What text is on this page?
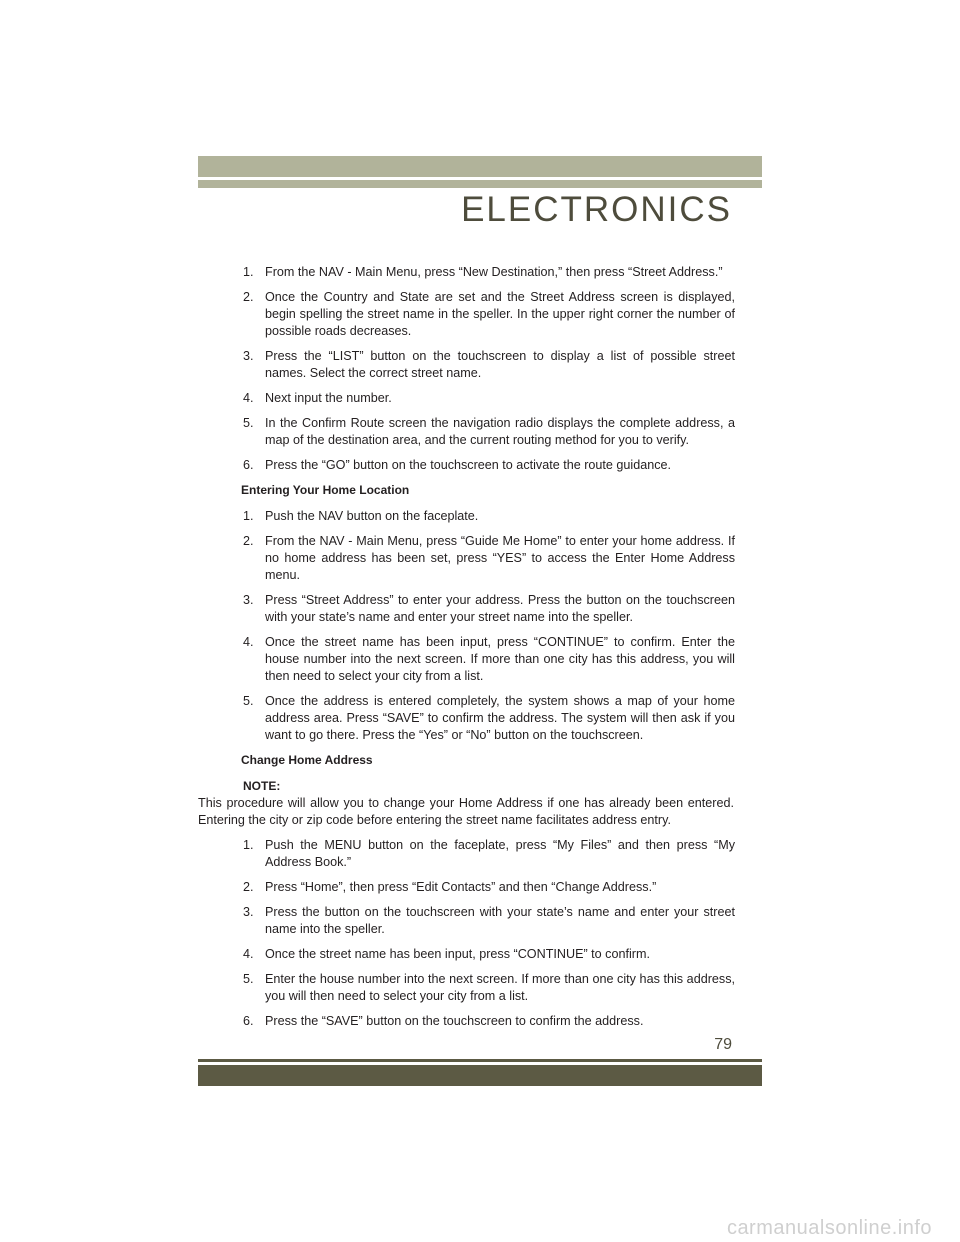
ELECTRONICS
1. From the NAV - Main Menu, press “New Destination,” then press “Street Address.”
2. Once the Country and State are set and the Street Address screen is displayed, begin spelling the street name in the speller. In the upper right corner the number of possible roads decreases.
3. Press the “LIST” button on the touchscreen to display a list of possible street names. Select the correct street name.
4. Next input the number.
5. In the Confirm Route screen the navigation radio displays the complete address, a map of the destination area, and the current routing method for you to verify.
6. Press the “GO” button on the touchscreen to activate the route guidance.
Entering Your Home Location
1. Push the NAV button on the faceplate.
2. From the NAV - Main Menu, press “Guide Me Home” to enter your home address. If no home address has been set, press “YES” to access the Enter Home Address menu.
3. Press “Street Address” to enter your address. Press the button on the touchscreen with your state’s name and enter your street name into the speller.
4. Once the street name has been input, press “CONTINUE” to confirm. Enter the house number into the next screen. If more than one city has this address, you will then need to select your city from a list.
5. Once the address is entered completely, the system shows a map of your home address area. Press “SAVE” to confirm the address. The system will then ask if you want to go there. Press the “Yes” or “No” button on the touchscreen.
Change Home Address
NOTE:
This procedure will allow you to change your Home Address if one has already been entered. Entering the city or zip code before entering the street name facilitates address entry.
1. Push the MENU button on the faceplate, press “My Files” and then press “My Address Book.”
2. Press “Home”, then press “Edit Contacts” and then “Change Address.”
3. Press the button on the touchscreen with your state’s name and enter your street name into the speller.
4. Once the street name has been input, press “CONTINUE” to confirm.
5. Enter the house number into the next screen. If more than one city has this address, you will then need to select your city from a list.
6. Press the “SAVE” button on the touchscreen to confirm the address.
79
carmanualsonline.info
